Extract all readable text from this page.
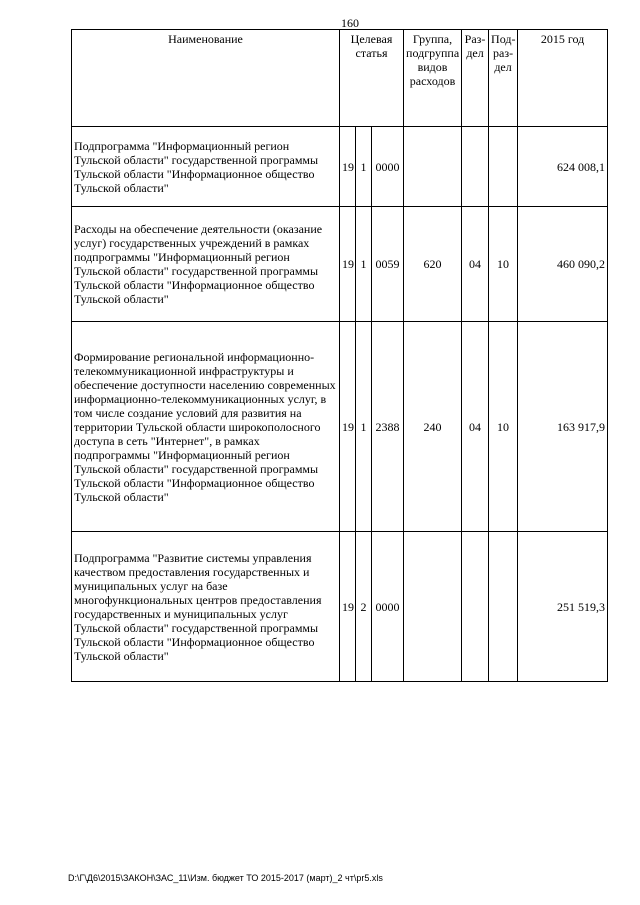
160
Наименование	Целевая статья			Группа, подгруппа видов расходов	Раз-дел	Под-раз-дел	2015 год
Подпрограмма "Информационный регион Тульской области" государственной программы Тульской области "Информационное общество Тульской области"	19	1	0000				624 008,1
Расходы на обеспечение деятельности (оказание услуг) государственных учреждений в рамках подпрограммы "Информационный регион Тульской области" государственной программы Тульской области "Информационное общество Тульской области"	19	1	0059	620	04	10	460 090,2
Формирование региональной информационно-телекоммуникационной инфраструктуры и обеспечение доступности населению современных информационно-телекоммуникационных услуг, в том числе создание условий для развития на территории Тульской области широкополосного доступа в сеть "Интернет", в рамках подпрограммы "Информационный регион Тульской области" государственной программы Тульской области "Информационное общество Тульской области"	19	1	2388	240	04	10	163 917,9
Подпрограмма "Развитие системы управления качеством предоставления государственных и муниципальных услуг на базе многофункциональных центров предоставления государственных и муниципальных услуг Тульской области" государственной программы Тульской области "Информационное общество Тульской области"	19	2	0000				251 519,3
D:\Г\Д6\2015\ЗАКОН\ЗАС_11\Изм. бюджет ТО 2015-2017 (март)_2 чт\pr5.xls
